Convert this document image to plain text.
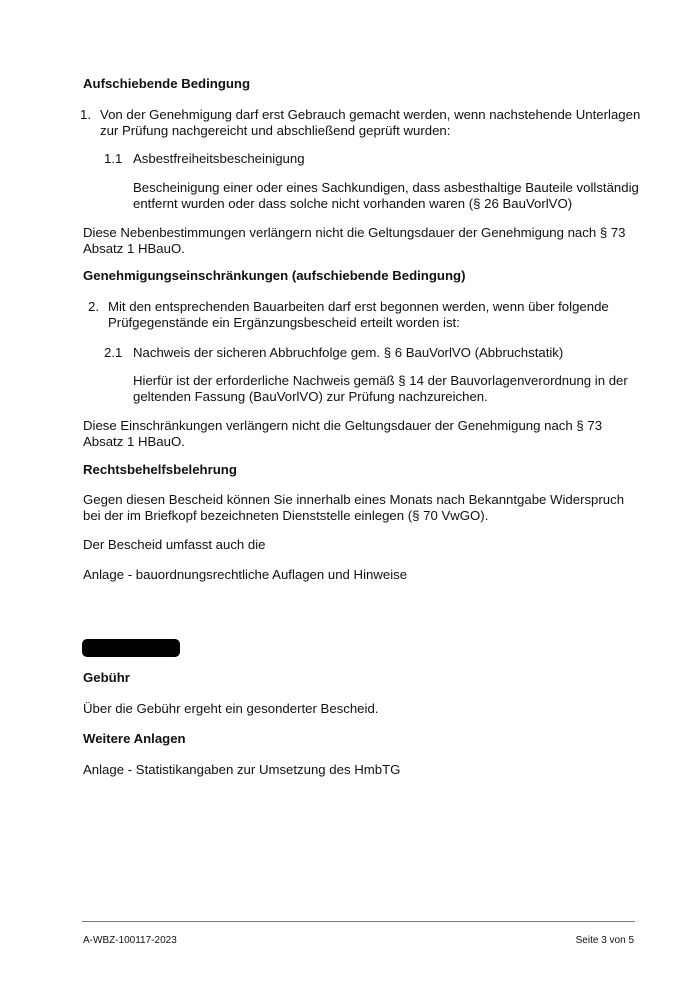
Aufschiebende Bedingung
1. Von der Genehmigung darf erst Gebrauch gemacht werden, wenn nachstehende Unterlagen
zur Prüfung nachgereicht und abschließend geprüft wurden:
1.1 Asbestfreiheitsbescheinigung
Bescheinigung einer oder eines Sachkundigen, dass asbesthaltige Bauteile vollständig
entfernt wurden oder dass solche nicht vorhanden waren (§ 26 BauVorlVO)
Diese Nebenbestimmungen verlängern nicht die Geltungsdauer der Genehmigung nach § 73
Absatz 1 HBauO.
Genehmigungseinschränkungen (aufschiebende Bedingung)
2. Mit den entsprechenden Bauarbeiten darf erst begonnen werden, wenn über folgende
Prüfgegenstände ein Ergänzungsbescheid erteilt worden ist:
2.1 Nachweis der sicheren Abbruchfolge gem. § 6 BauVorlVO (Abbruchstatik)
Hierfür ist der erforderliche Nachweis gemäß § 14 der Bauvorlagenverordnung in der
geltenden Fassung (BauVorlVO) zur Prüfung nachzureichen.
Diese Einschränkungen verlängern nicht die Geltungsdauer der Genehmigung nach § 73
Absatz 1 HBauO.
Rechtsbehelfsbelehrung
Gegen diesen Bescheid können Sie innerhalb eines Monats nach Bekanntgabe Widerspruch
bei der im Briefkopf bezeichneten Dienststelle einlegen (§ 70 VwGO).
Der Bescheid umfasst auch die
Anlage - bauordnungsrechtliche Auflagen und Hinweise
Gebühr
Über die Gebühr ergeht ein gesonderter Bescheid.
Weitere Anlagen
Anlage - Statistikangaben zur Umsetzung des HmbTG
A-WBZ-100117-2023	Seite 3 von 5
